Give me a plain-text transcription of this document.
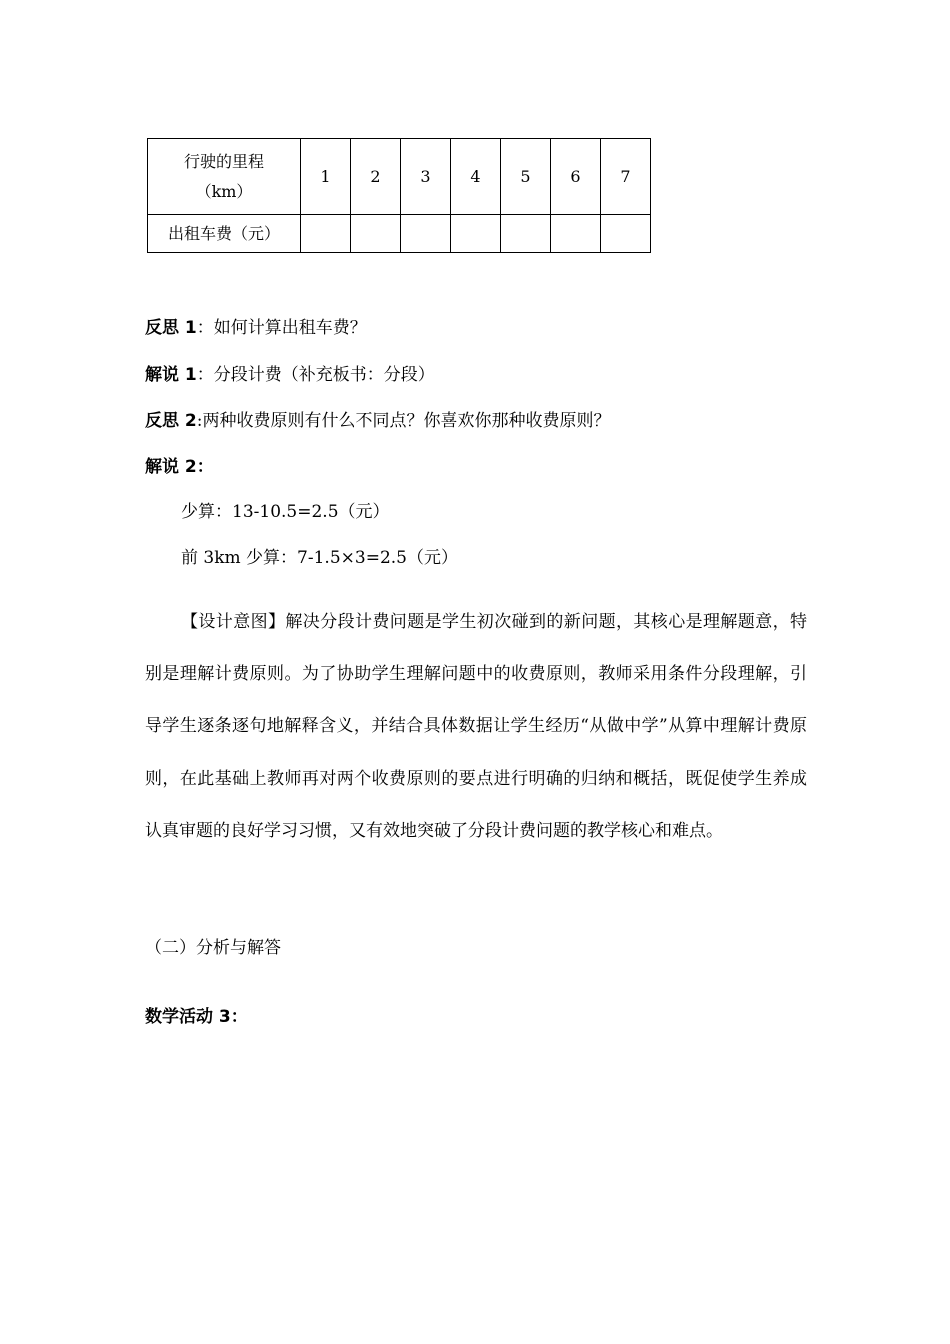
行驶的里程
（km）	1	2	3	4	5	6	7
出租车费（元）							
反思 1：如何计算出租车费？
解说 1：分段计费（补充板书：分段）
反思 2:两种收费原则有什么不同点？你喜欢你那种收费原则？
解说 2：
少算：13-10.5=2.5（元）
前 3km 少算：7-1.5×3=2.5（元）
【设计意图】解决分段计费问题是学生初次碰到的新问题，其核心是理解题意，特别是理解计费原则。为了协助学生理解问题中的收费原则，教师采用条件分段理解，引导学生逐条逐句地解释含义，并结合具体数据让学生经历“从做中学”从算中理解计费原则，在此基础上教师再对两个收费原则的要点进行明确的归纳和概括，既促使学生养成认真审题的良好学习习惯，又有效地突破了分段计费问题的教学核心和难点。
（二）分析与解答
数学活动 3：
